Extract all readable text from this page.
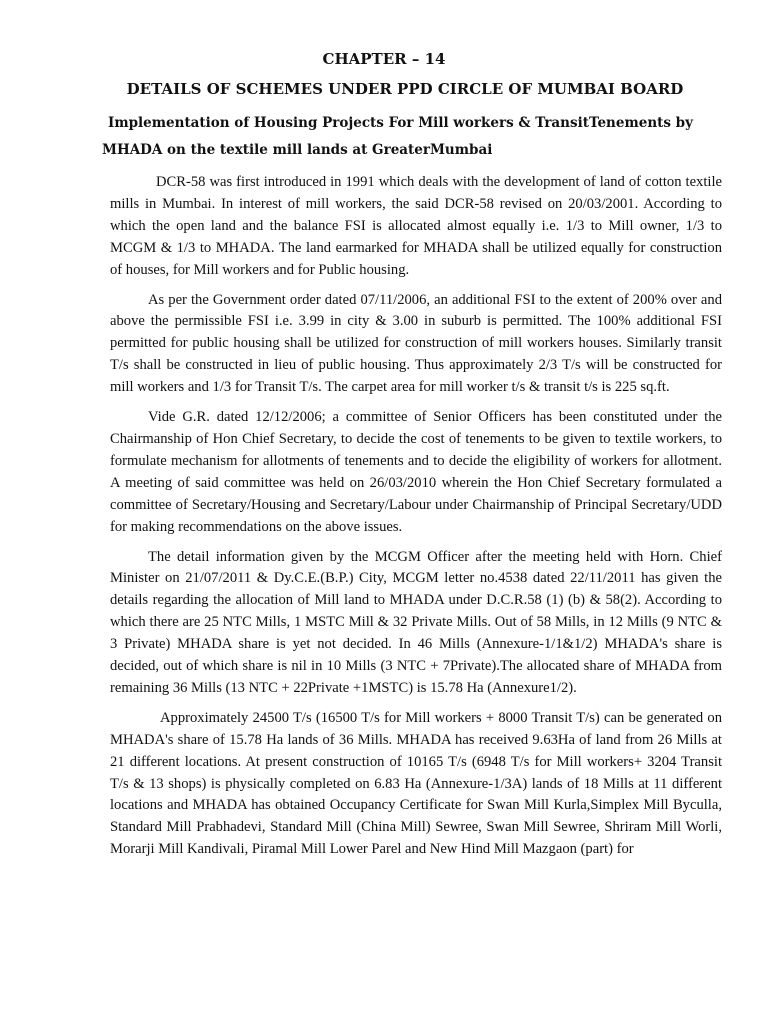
CHAPTER – 14
DETAILS OF SCHEMES UNDER PPD CIRCLE OF MUMBAI BOARD
Implementation of Housing Projects For Mill workers & TransitTenements by
MHADA on the textile mill lands at GreaterMumbai

DCR-58 was first introduced in 1991 which deals with the development of land of cotton textile mills in Mumbai. In interest of mill workers, the said DCR-58 revised on 20/03/2001. According to which the open land and the balance FSI is allocated almost equally i.e. 1/3 to Mill owner, 1/3 to MCGM & 1/3 to MHADA. The land earmarked for MHADA shall be utilized equally for construction of houses, for Mill workers and for Public housing.

As per the Government order dated 07/11/2006, an additional FSI to the extent of 200% over and above the permissible FSI i.e. 3.99 in city & 3.00 in suburb is permitted. The 100% additional FSI permitted for public housing shall be utilized for construction of mill workers houses. Similarly transit T/s shall be constructed in lieu of public housing. Thus approximately 2/3 T/s will be constructed for mill workers and 1/3 for Transit T/s. The carpet area for mill worker t/s & transit t/s is 225 sq.ft.

Vide G.R. dated 12/12/2006; a committee of Senior Officers has been constituted under the Chairmanship of Hon Chief Secretary, to decide the cost of tenements to be given to textile workers, to formulate mechanism for allotments of tenements and to decide the eligibility of workers for allotment. A meeting of said committee was held on 26/03/2010 wherein the Hon Chief Secretary formulated a committee of Secretary/Housing and Secretary/Labour under Chairmanship of Principal Secretary/UDD for making recommendations on the above issues.

The detail information given by the MCGM Officer after the meeting held with Horn. Chief Minister on 21/07/2011 & Dy.C.E.(B.P.) City, MCGM letter no.4538 dated 22/11/2011 has given the details regarding the allocation of Mill land to MHADA under D.C.R.58 (1) (b) & 58(2). According to which there are 25 NTC Mills, 1 MSTC Mill & 32 Private Mills. Out of 58 Mills, in 12 Mills (9 NTC & 3 Private) MHADA share is yet not decided. In 46 Mills (Annexure-1/1&1/2) MHADA's share is decided, out of which share is nil in 10 Mills (3 NTC + 7Private).The allocated share of MHADA from remaining 36 Mills (13 NTC + 22Private +1MSTC) is 15.78 Ha (Annexure1/2).

Approximately 24500 T/s (16500 T/s for Mill workers + 8000 Transit T/s) can be generated on MHADA's share of 15.78 Ha lands of 36 Mills. MHADA has received 9.63Ha of land from 26 Mills at 21 different locations. At present construction of 10165 T/s (6948 T/s for Mill workers+ 3204 Transit T/s & 13 shops) is physically completed on 6.83 Ha (Annexure-1/3A) lands of 18 Mills at 11 different locations and MHADA has obtained Occupancy Certificate for Swan Mill Kurla,Simplex Mill Byculla, Standard Mill Prabhadevi, Standard Mill (China Mill) Sewree, Swan Mill Sewree, Shriram Mill Worli, Morarji Mill Kandivali, Piramal Mill Lower Parel and New Hind Mill Mazgaon (part) for
